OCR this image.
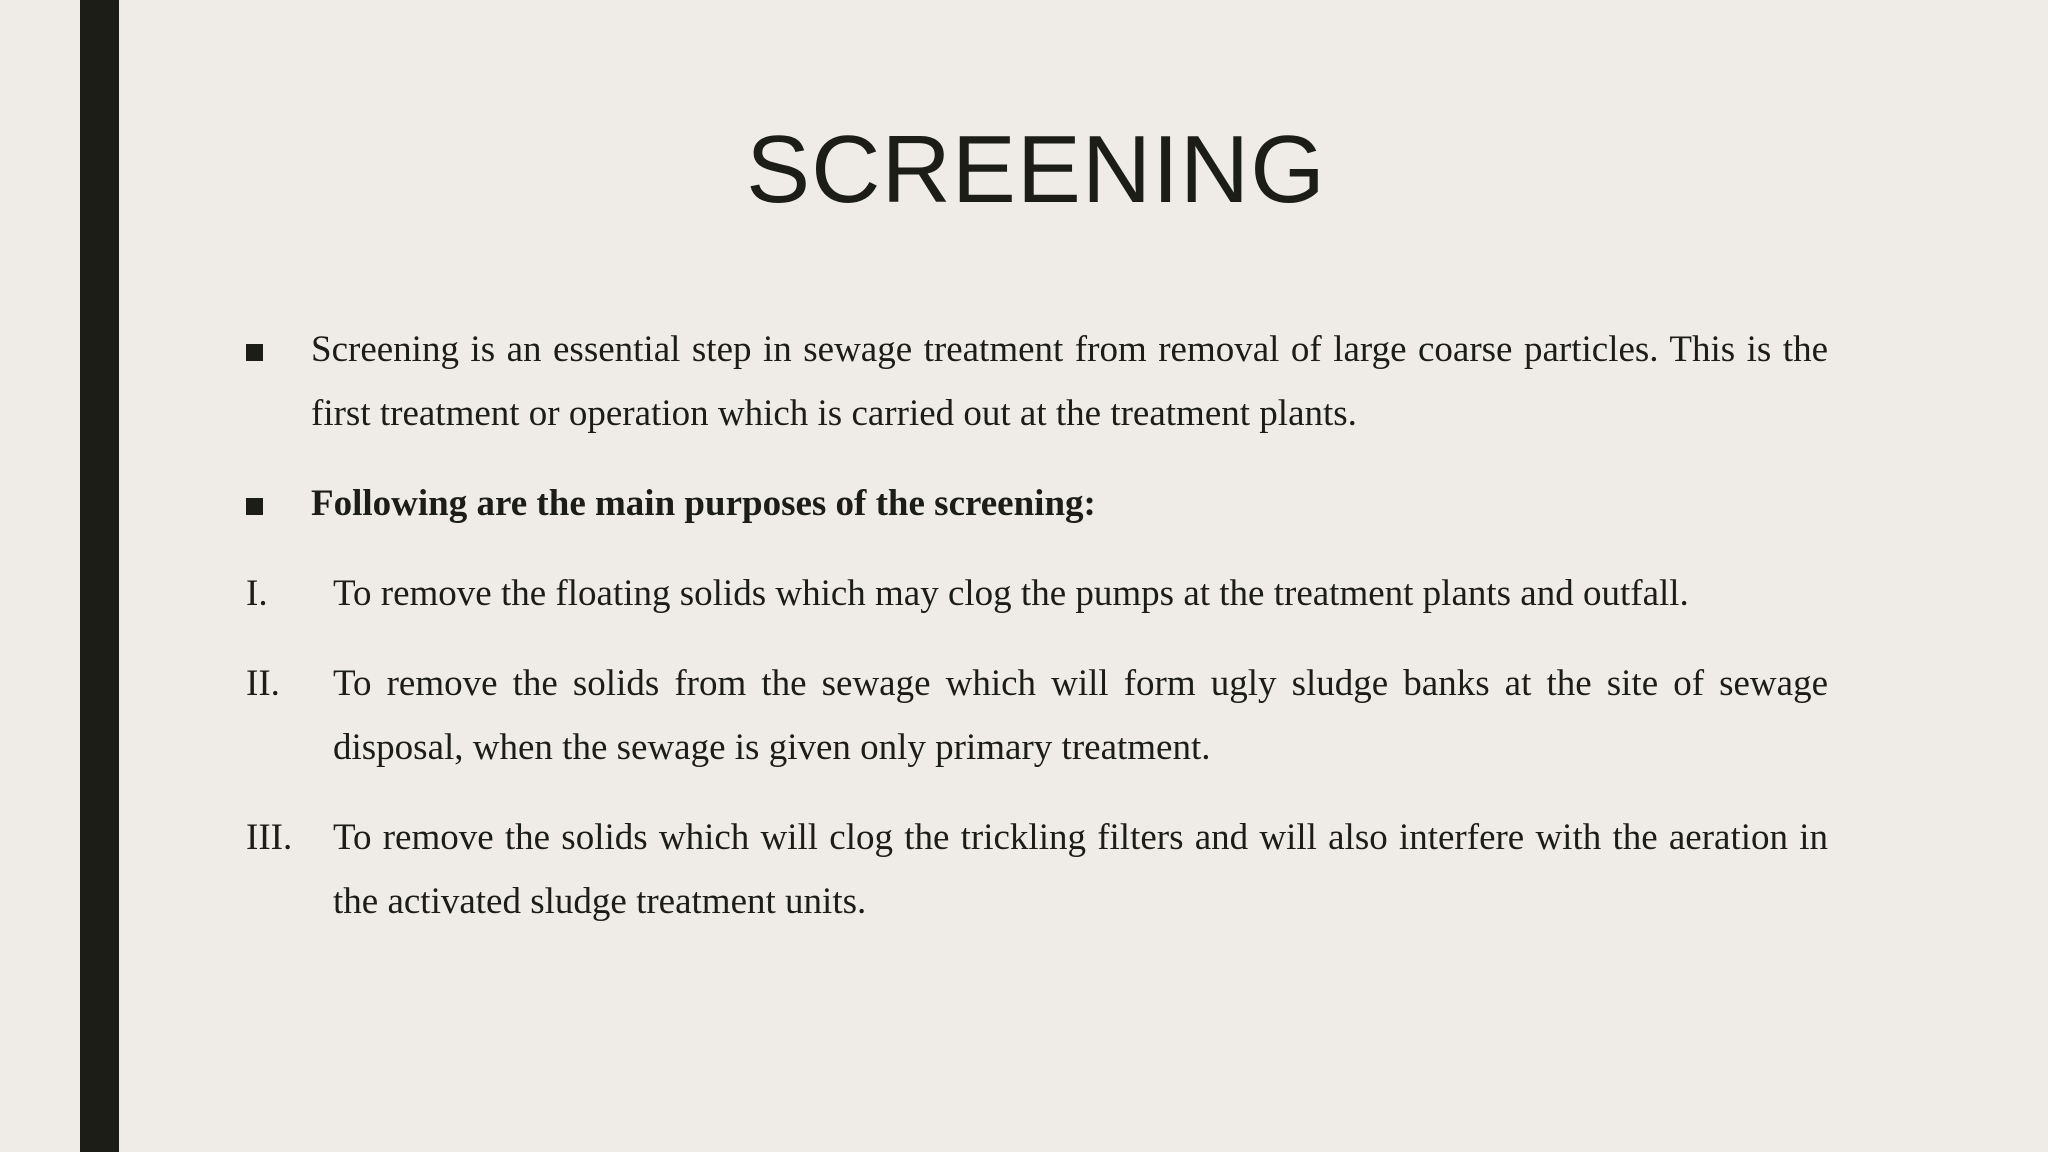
SCREENING
Screening is an essential step in sewage treatment from removal of large coarse particles. This is the first treatment or operation which is carried out at the treatment plants.
Following are the main purposes of the screening:
I. To remove the floating solids which may clog the pumps at the treatment plants and outfall.
II. To remove the solids from the sewage which will form ugly sludge banks at the site of sewage disposal, when the sewage is given only primary treatment.
III. To remove the solids which will clog the trickling filters and will also interfere with the aeration in the activated sludge treatment units.
